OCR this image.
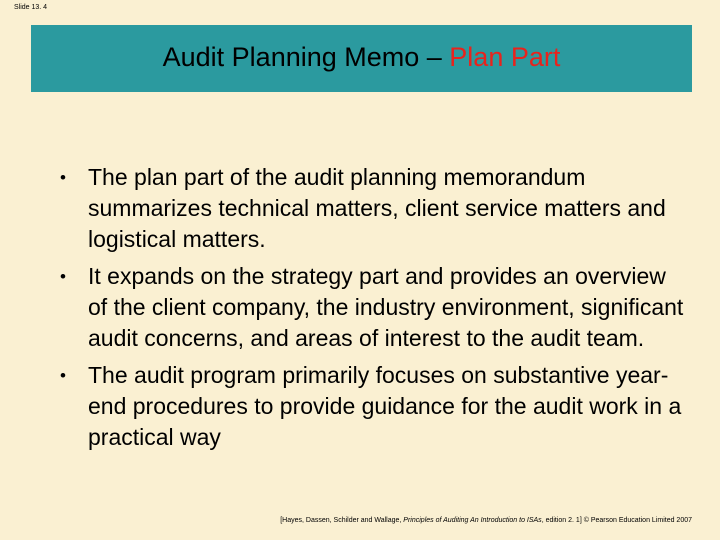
Slide 13. 4
Audit Planning Memo – Plan Part
• The plan part of the audit planning memorandum summarizes technical matters, client service matters and logistical matters.
• It expands on the strategy part and provides an overview of the client company, the industry environment, significant audit concerns, and areas of interest to the audit team.
• The audit program primarily focuses on substantive year-end procedures to provide guidance for the audit work in a practical way
[Hayes, Dassen, Schilder and Wallage, Principles of Auditing An Introduction to ISAs, edition 2. 1] © Pearson Education Limited 2007
